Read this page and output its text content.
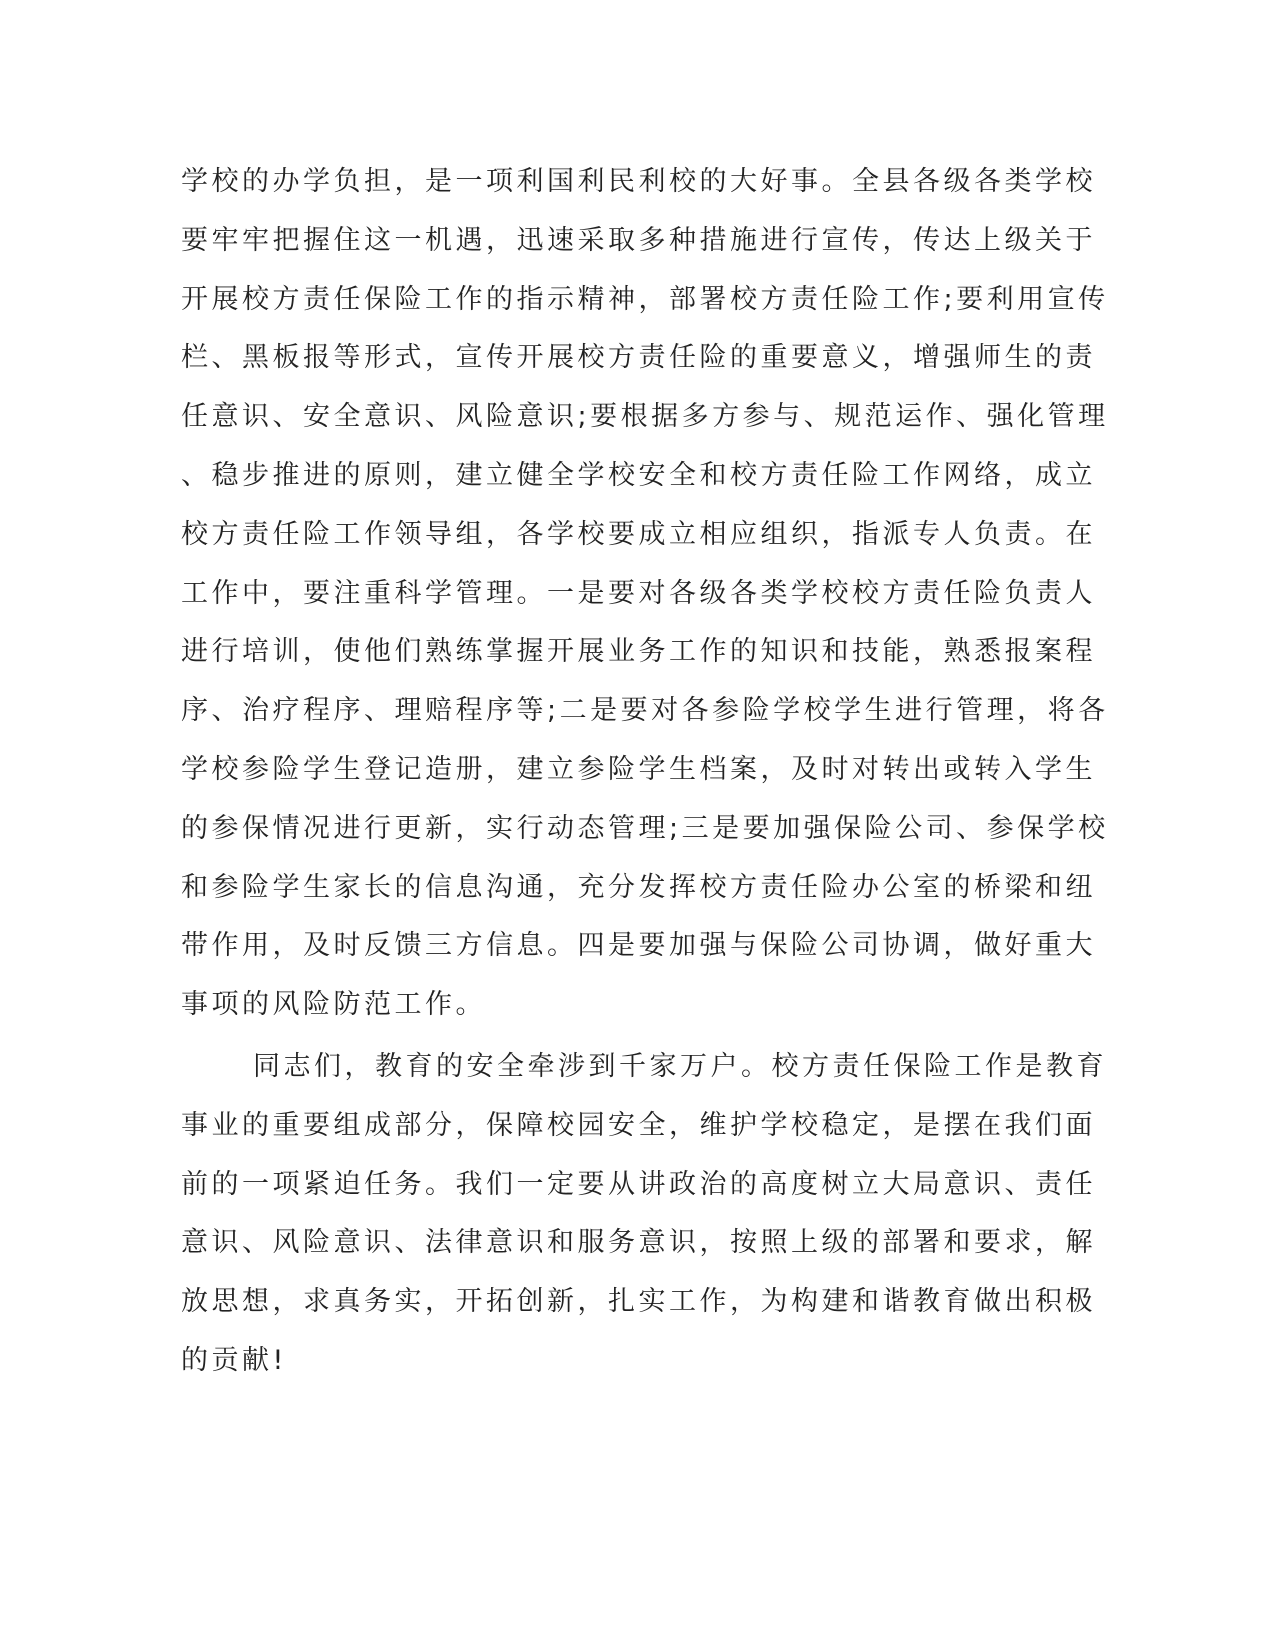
学校的办学负担，是一项利国利民利校的大好事。全县各级各类学校
要牢牢把握住这一机遇，迅速采取多种措施进行宣传，传达上级关于
开展校方责任保险工作的指示精神，部署校方责任险工作;要利用宣传
栏、黑板报等形式，宣传开展校方责任险的重要意义，增强师生的责
任意识、安全意识、风险意识;要根据多方参与、规范运作、强化管理
、稳步推进的原则，建立健全学校安全和校方责任险工作网络，成立
校方责任险工作领导组，各学校要成立相应组织，指派专人负责。在
工作中，要注重科学管理。一是要对各级各类学校校方责任险负责人
进行培训，使他们熟练掌握开展业务工作的知识和技能，熟悉报案程
序、治疗程序、理赔程序等;二是要对各参险学校学生进行管理，将各
学校参险学生登记造册，建立参险学生档案，及时对转出或转入学生
的参保情况进行更新，实行动态管理;三是要加强保险公司、参保学校
和参险学生家长的信息沟通，充分发挥校方责任险办公室的桥梁和纽
带作用，及时反馈三方信息。四是要加强与保险公司协调，做好重大
事项的风险防范工作。
同志们，教育的安全牵涉到千家万户。校方责任保险工作是教育
事业的重要组成部分，保障校园安全，维护学校稳定，是摆在我们面
前的一项紧迫任务。我们一定要从讲政治的高度树立大局意识、责任
意识、风险意识、法律意识和服务意识，按照上级的部署和要求，解
放思想，求真务实，开拓创新，扎实工作，为构建和谐教育做出积极
的贡献!
